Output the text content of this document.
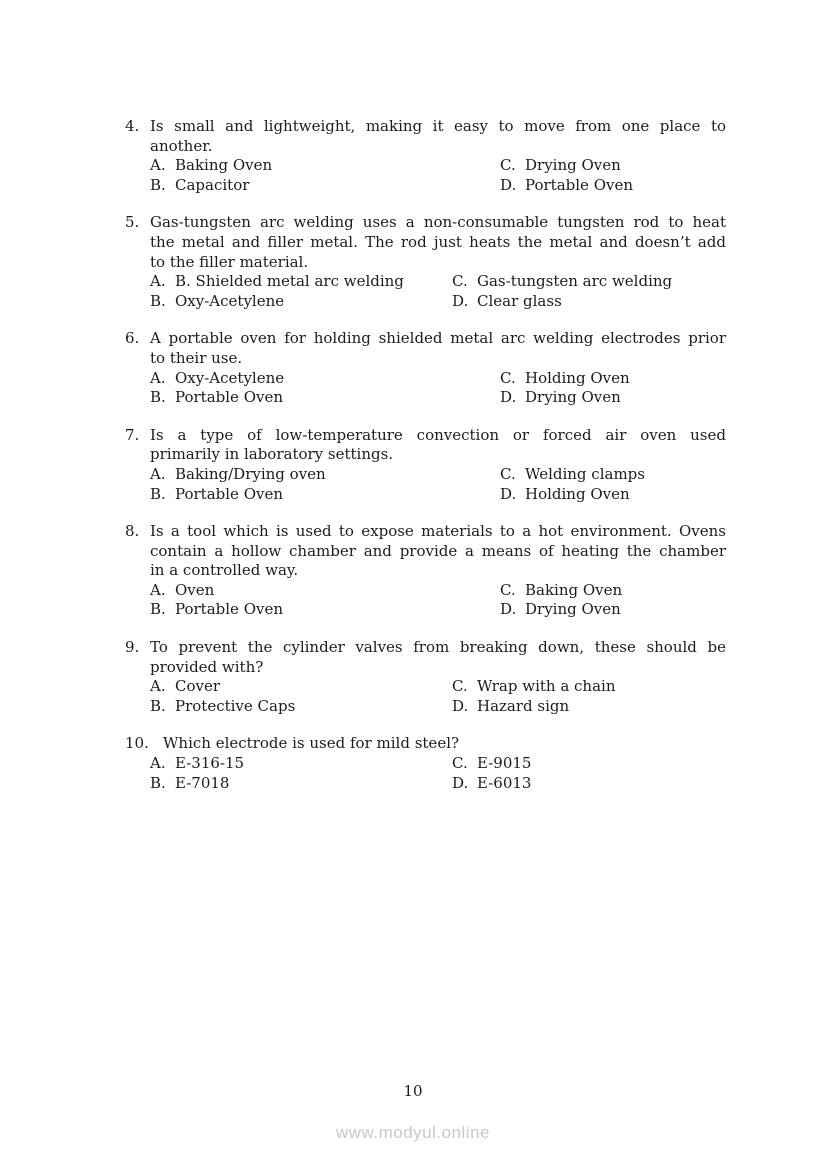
4. Is small and lightweight, making it easy to move from one place to
another.
A. Baking Oven	C. Drying Oven
B. Capacitor	D. Portable Oven
5. Gas-tungsten arc welding uses a non-consumable tungsten rod to heat
the metal and filler metal. The rod just heats the metal and doesn’t add
to the filler material.
A. B. Shielded metal arc welding	C. Gas-tungsten arc welding
B. Oxy-Acetylene	D. Clear glass
6. A portable oven for holding shielded metal arc welding electrodes prior
to their use.
A. Oxy-Acetylene	C. Holding Oven
B. Portable Oven	D. Drying Oven
7. Is a type of low-temperature convection or forced air oven used
primarily in laboratory settings.
A. Baking/Drying oven	C. Welding clamps
B. Portable Oven	D. Holding Oven
8. Is a tool which is used to expose materials to a hot environment. Ovens
contain a hollow chamber and provide a means of heating the chamber
in a controlled way.
A. Oven	C. Baking Oven
B. Portable Oven	D. Drying Oven
9. To prevent the cylinder valves from breaking down, these should be
provided with?
A. Cover	C. Wrap with a chain
B. Protective Caps	D. Hazard sign
10. Which electrode is used for mild steel?
A. E-316-15	C. E-9015
B. E-7018	D. E-6013
10
www.modyul.online
